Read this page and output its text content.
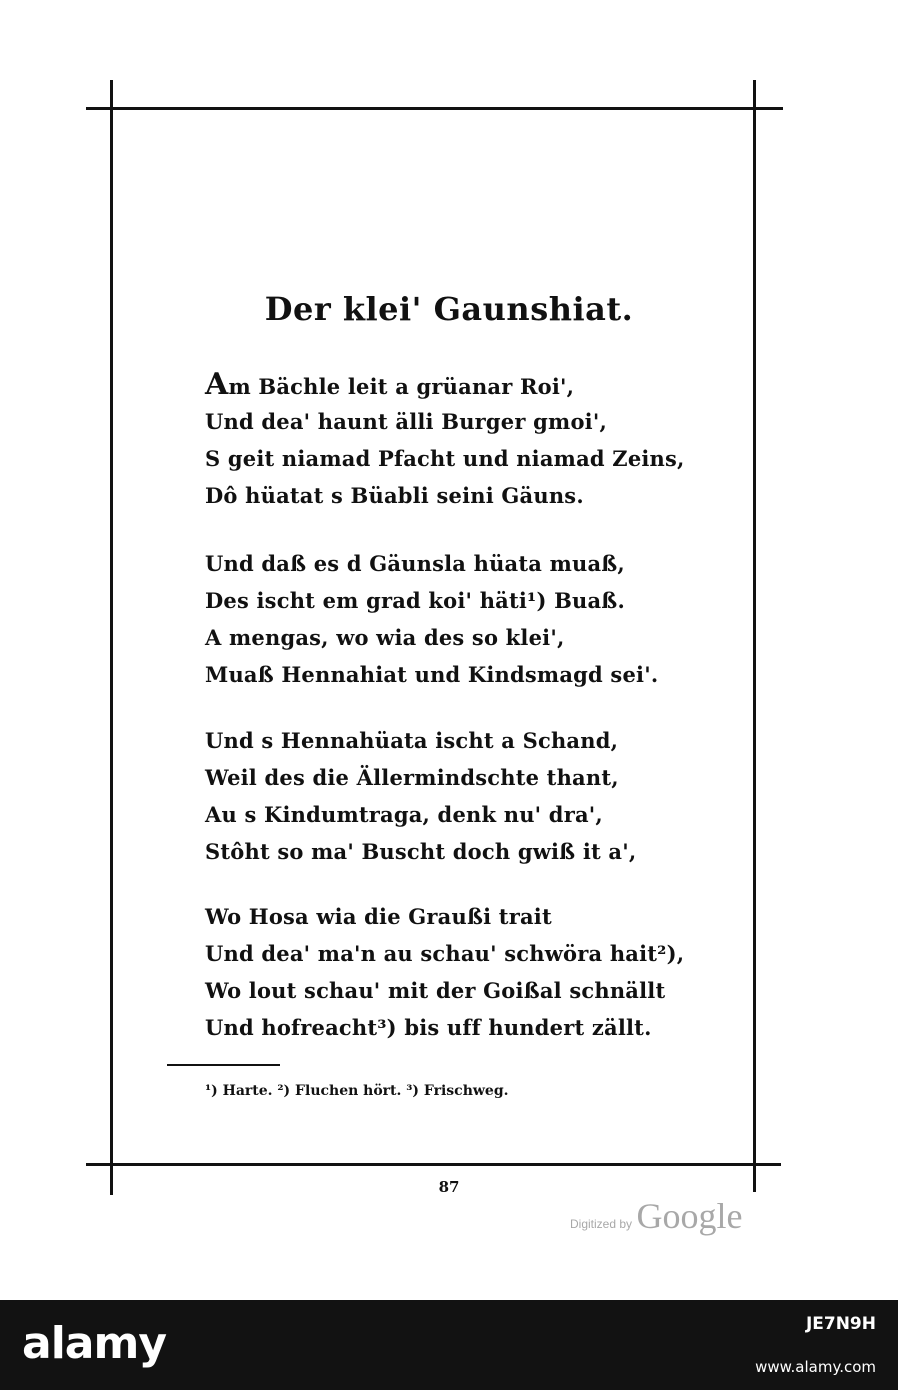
Der klei' Gaunshiat.
Am Bächle leit a grüanar Roi',
Und dea' haunt älli Burger gmoi',
S geit niamad Pfacht und niamad Zeins,
Dô hüatat s Büabli seini Gäuns.
Und daß es d Gäunsla hüata muaß,
Des ischt em grad koi' häti¹) Buaß.
A mengas, wo wia des so klei',
Muaß Hennahiat und Kindsmagd sei'.
Und s Hennahüata ischt a Schand,
Weil des die Ällermindschte thant,
Au s Kindumtraga, denk nu' dra',
Stôht so ma' Buscht doch gwiß it a',
Wo Hosa wia die Graußi trait
Und dea' ma'n au schau' schwöra hait²),
Wo lout schau' mit der Goißal schnällt
Und hofreacht³) bis uff hundert zällt.
¹) Harte. ²) Fluchen hört. ³) Frischweg.
87
Digitized by Google
alamy	JE7N9H
www.alamy.com
